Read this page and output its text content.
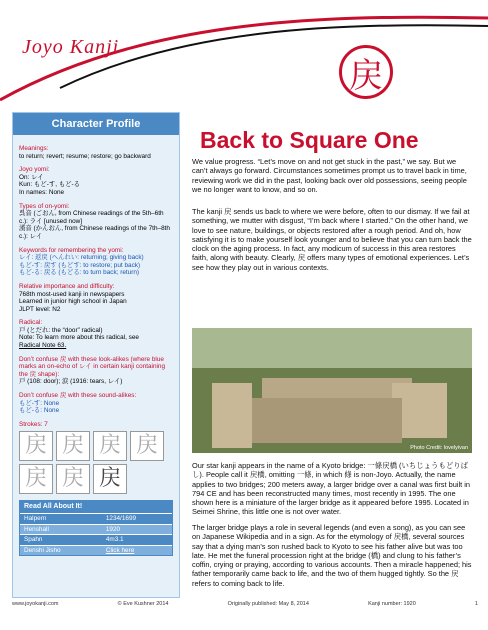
Joyo Kanji
戻
Character Profile
Meanings:
to return; revert; resume; restore; go backward
Joyo yomi:
On: レイ
Kun: もど-す, もど-る
In names: None
Types of on-yomi:
呉音 (ごおん, from Chinese readings of the 5th–6th c.): ライ [unused now]
漢音 (かんおん, from Chinese readings of the 7th–8th c.): レイ
Keywords for remembering the yomi:
レイ: 返戻 (へんれい: returning; giving back)
もど-す: 戻す (もどす: to restore; put back)
もど-る: 戻る (もどる: to turn back; return)
Relative importance and difficulty:
768th most-used kanji in newspapers
Learned in junior high school in Japan
JLPT level: N2
Radical:
戸 (とだれ: the “door” radical)
Note: To learn more about this radical, see
Radical Note 63.
Don’t confuse 戻 with these look-alikes (where blue marks an on-echo of レイ in certain kanji containing the 戻 shape):
戸 (108: door); 涙 (1916: tears, レイ)
Don’t confuse 戻 with these sound-alikes:
もど-す: None
もど-る: None
Strokes: 7
戻 戻 戻 戻
戻 戻 戻
Read All About It!
Halpern	1234/1699
Henshall	1920
Spahn	4m3.1
Denshi Jisho	Click here
Back to Square One
We value progress. “Let’s move on and not get stuck in the past,” we say. But we can’t always go forward. Circumstances sometimes prompt us to travel back in time, reviewing work we did in the past, looking back over old possessions, seeing people we no longer want to know, and so on.
The kanji 戻 sends us back to where we were before, often to our dismay. If we fail at something, we mutter with disgust, “I’m back where I started.” On the other hand, we love to see nature, buildings, or objects restored after a rough period. And oh, how satisfying it is to make yourself look younger and to believe that you can turn back the clock on the aging process. In fact, any modicum of success in this area restores faith, along with beauty. Clearly, 戻 offers many types of emotional experiences. Let’s see how they play out in various contexts.
Photo Credit: lovelyivan
Our star kanji appears in the name of a Kyoto bridge: 一條戻橋 (いちじょうもどりばし). People call it 戻橋, omitting 一條, in which 條 is non-Joyo. Actually, the name applies to two bridges; 200 meters away, a larger bridge over a canal was first built in 794 CE and has been reconstructed many times, most recently in 1995. The one shown here is a miniature of the larger bridge as it appeared before 1995. Located in Seimei Shrine, this little one is not over water.
The larger bridge plays a role in several legends (and even a song), as you can see on Japanese Wikipedia and in a sign. As for the etymology of 戻橋, several sources say that a dying man’s son rushed back to Kyoto to see his father alive but was too late. He met the funeral procession right at the bridge (橋) and clung to his father’s coffin, crying or praying, according to various accounts. Then a miracle happened; his father temporarily came back to life, and the two of them hugged tightly. So the 戻 refers to coming back to life.
www.joyokanji.com	© Eve Kushner 2014	Originally published: May 8, 2014	Kanji number: 1920	1
